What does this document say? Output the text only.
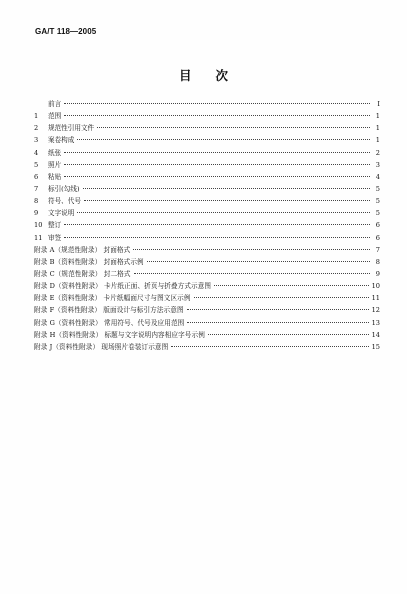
GA/T 118—2005
目次
前言	I
1	范围	1
2	规范性引用文件	1
3	案卷构成	1
4	纸张	2
5	照片	3
6	粘贴	4
7	标引(勾线)	5
8	符号、代号	5
9	文字说明	5
10 整订	6
11 审签	6
附录 A（规范性附录） 封面格式	7
附录 B（资料性附录） 封面格式示例	8
附录 C（规范性附录） 封二格式	9
附录 D（资料性附录） 卡片纸正面、折页与折叠方式示意图	10
附录 E（资料性附录） 卡片纸幅面尺寸与图文区示例	11
附录 F（资料性附录） 版面设计与标引方法示意图	12
附录 G（资料性附录） 常用符号、代号及应用范围	13
附录 H（资料性附录） 标题与文字说明内容相应字号示例	14
附录 J（资料性附录） 现场照片卷装订示意图	15
